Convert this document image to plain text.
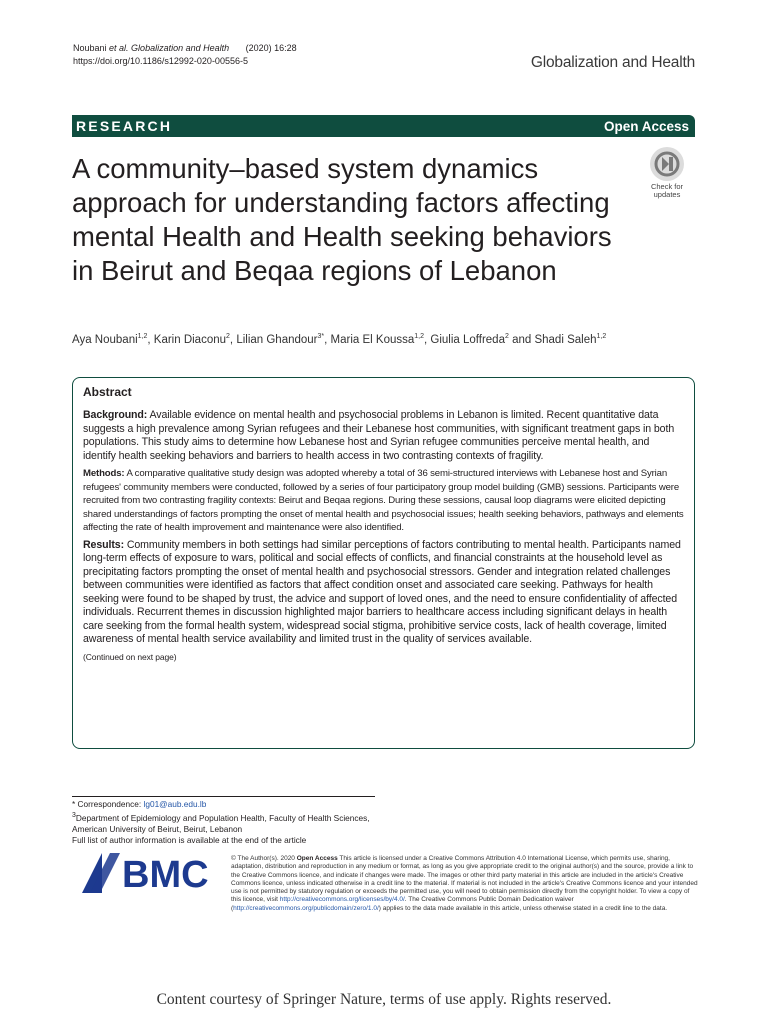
Noubani et al. Globalization and Health (2020) 16:28
https://doi.org/10.1186/s12992-020-00556-5	Globalization and Health
RESEARCH	Open Access
A community–based system dynamics approach for understanding factors affecting mental Health and Health seeking behaviors in Beirut and Beqaa regions of Lebanon
Check for
updates
Aya Noubani$^{1,2}$, Karin Diaconu$^2$, Lilian Ghandour$^{3*}$, Maria El Koussa$^{1,2}$, Giulia Loffreda$^2$ and Shadi Saleh$^{1,2}$
Abstract

Background: Available evidence on mental health and psychosocial problems in Lebanon is limited. Recent quantitative data suggests a high prevalence among Syrian refugees and their Lebanese host communities, with significant treatment gaps in both populations. This study aims to determine how Lebanese host and Syrian refugee communities perceive mental health, and identify health seeking behaviors and barriers to health access in two contrasting contexts of fragility.

Methods: A comparative qualitative study design was adopted whereby a total of 36 semi-structured interviews with Lebanese host and Syrian refugees' community members were conducted, followed by a series of four participatory group model building (GMB) sessions. Participants were recruited from two contrasting fragility contexts: Beirut and Beqaa regions. During these sessions, causal loop diagrams were elicited depicting shared understandings of factors prompting the onset of mental health and psychosocial issues; health seeking behaviors, pathways and elements affecting the rate of health improvement and maintenance were also identified.

Results: Community members in both settings had similar perceptions of factors contributing to mental health. Participants named long-term effects of exposure to wars, political and social effects of conflicts, and financial constraints at the household level as precipitating factors prompting the onset of mental health and psychosocial stressors. Gender and integration related challenges between communities were identified as factors that affect condition onset and associated care seeking. Pathways for health seeking were found to be shaped by trust, the advice and support of loved ones, and the need to ensure confidentiality of affected individuals. Recurrent themes in discussion highlighted major barriers to healthcare access including significant delays in health care seeking from the formal health system, widespread social stigma, prohibitive service costs, lack of health coverage, limited awareness of mental health service availability and limited trust in the quality of services available.

(Continued on next page)

* Correspondence: lg01@aub.edu.lb
$^3$Department of Epidemiology and Population Health, Faculty of Health Sciences, American University of Beirut, Beirut, Lebanon
Full list of author information is available at the end of the article
BMC	© The Author(s). 2020 Open Access This article is licensed under a Creative Commons Attribution 4.0 International License, which permits use, sharing, adaptation, distribution and reproduction in any medium or format, as long as you give appropriate credit to the original author(s) and the source, provide a link to the Creative Commons licence, and indicate if changes were made. The images or other third party material in this article are included in the article's Creative Commons licence, unless indicated otherwise in a credit line to the material. If material is not included in the article's Creative Commons licence and your intended use is not permitted by statutory regulation or exceeds the permitted use, you will need to obtain permission directly from the copyright holder. To view a copy of this licence, visit http://creativecommons.org/licenses/by/4.0/. The Creative Commons Public Domain Dedication waiver (http://creativecommons.org/publicdomain/zero/1.0/) applies to the data made available in this article, unless otherwise stated in a credit line to the data.
Content courtesy of Springer Nature, terms of use apply. Rights reserved.
